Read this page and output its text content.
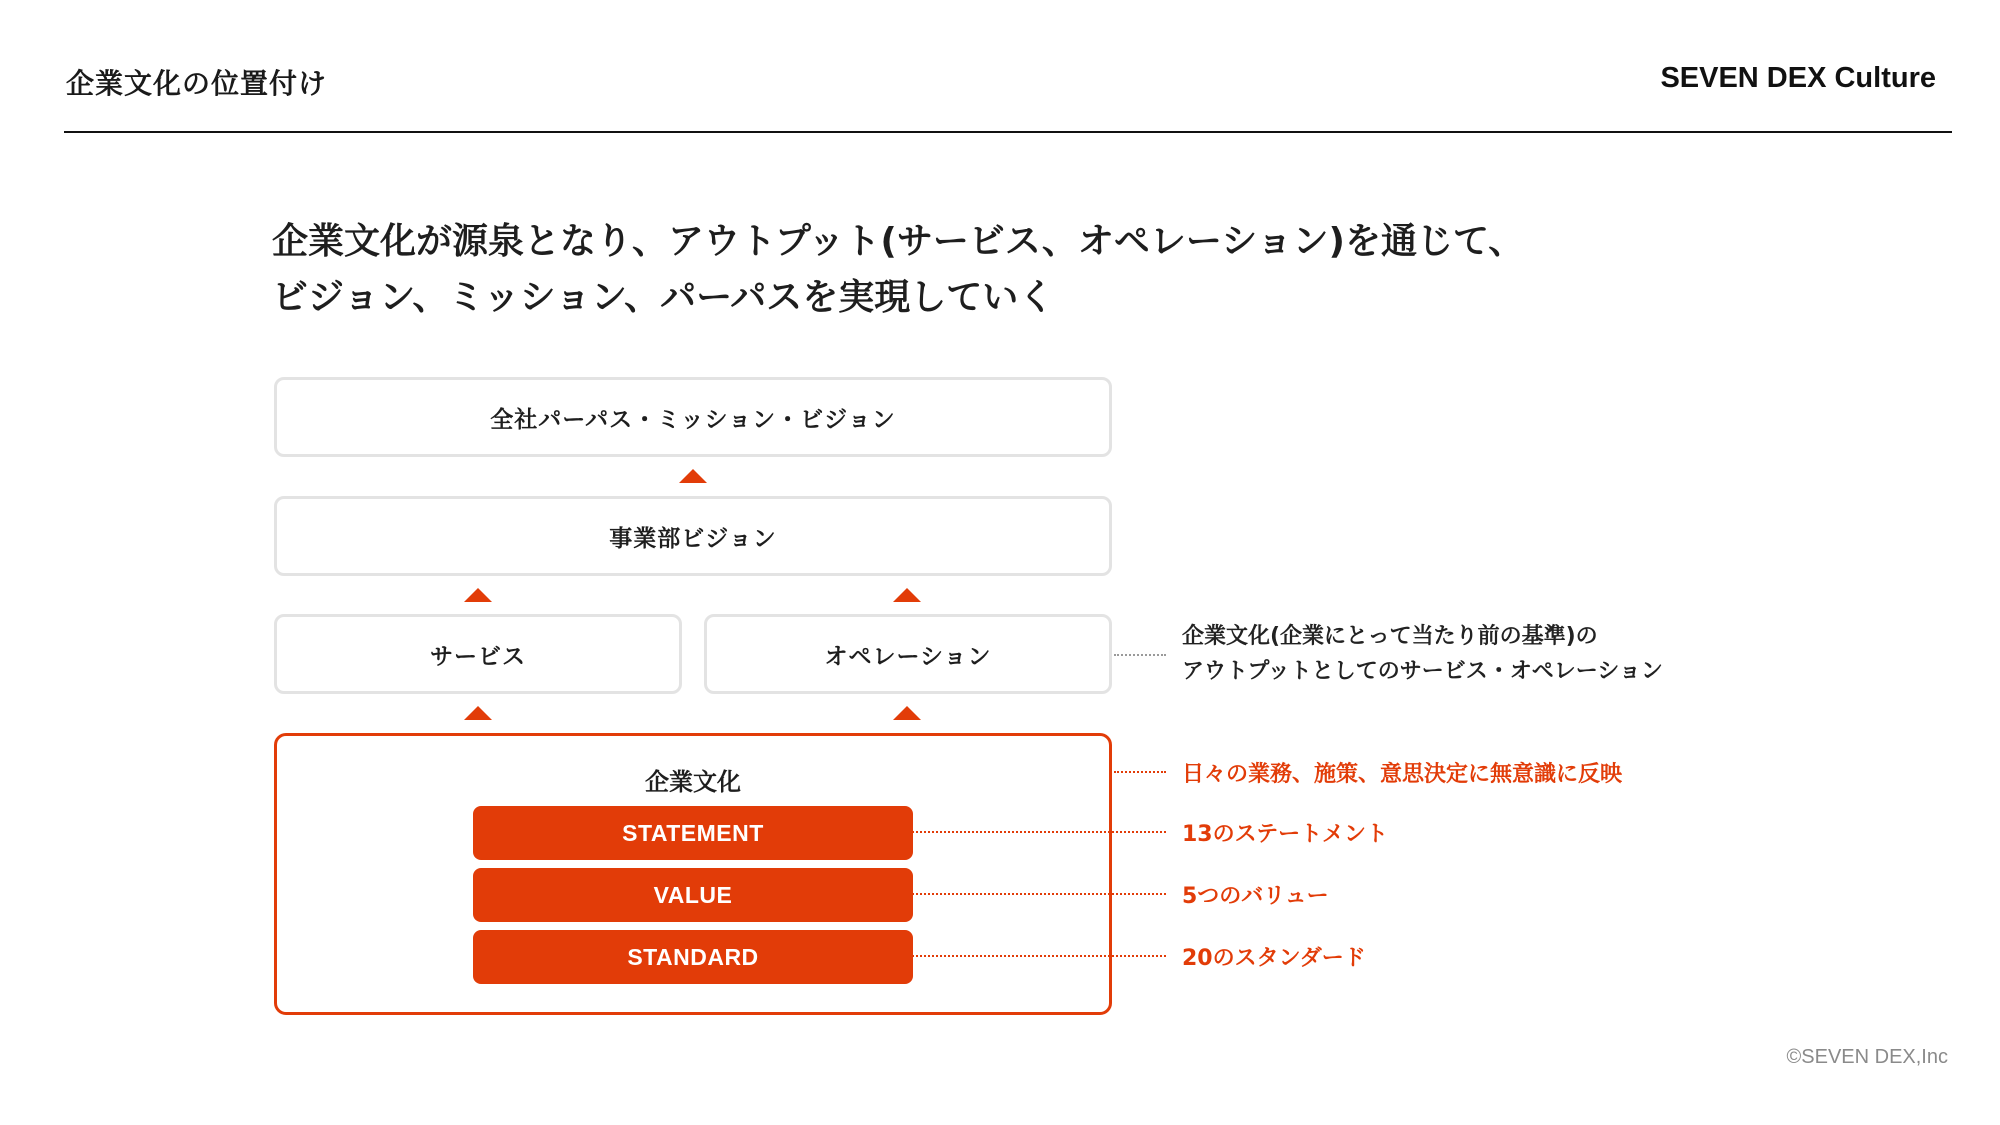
企業文化の位置付け	SEVEN DEX Culture
企業文化が源泉となり、アウトプット(サービス、オペレーション)を通じて、
ビジョン、ミッション、パーパスを実現していく
全社パーパス・ミッション・ビジョン
事業部ビジョン
サービス	オペレーション
企業文化
STATEMENT
VALUE
STANDARD
企業文化(企業にとって当たり前の基準)の
アウトプットとしてのサービス・オペレーション
日々の業務、施策、意思決定に無意識に反映
13のステートメント
5つのバリュー
20のスタンダード
©SEVEN DEX,Inc
